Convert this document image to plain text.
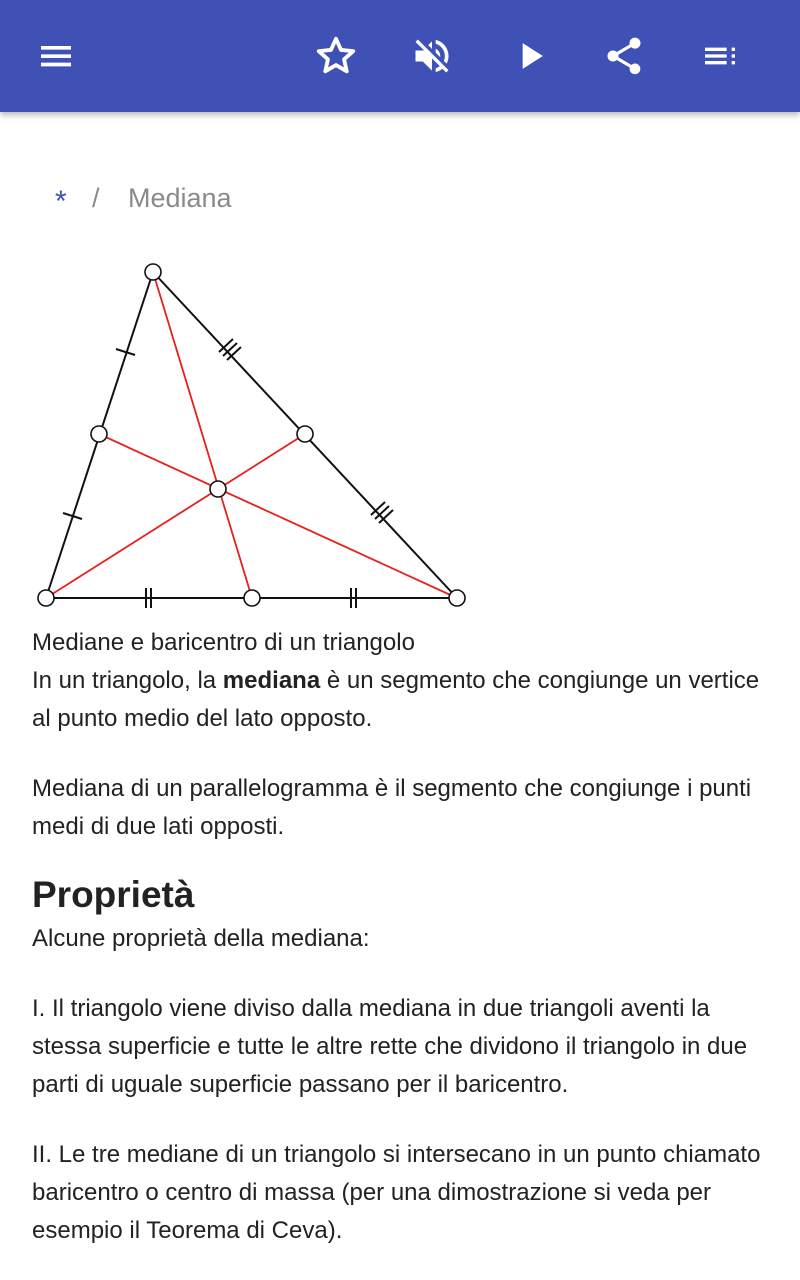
* / Mediana

Mediane e baricentro di un triangolo

In un triangolo, la mediana è un segmento che congiunge un vertice al punto medio del lato opposto.

Mediana di un parallelogramma è il segmento che congiunge i punti medi di due lati opposti.

Proprietà

Alcune proprietà della mediana:

I. Il triangolo viene diviso dalla mediana in due triangoli aventi la stessa superficie e tutte le altre rette che dividono il triangolo in due parti di uguale superficie passano per il baricentro.

II. Le tre mediane di un triangolo si intersecano in un punto chiamato baricentro o centro di massa (per una dimostrazione si veda per esempio il Teorema di Ceva).
